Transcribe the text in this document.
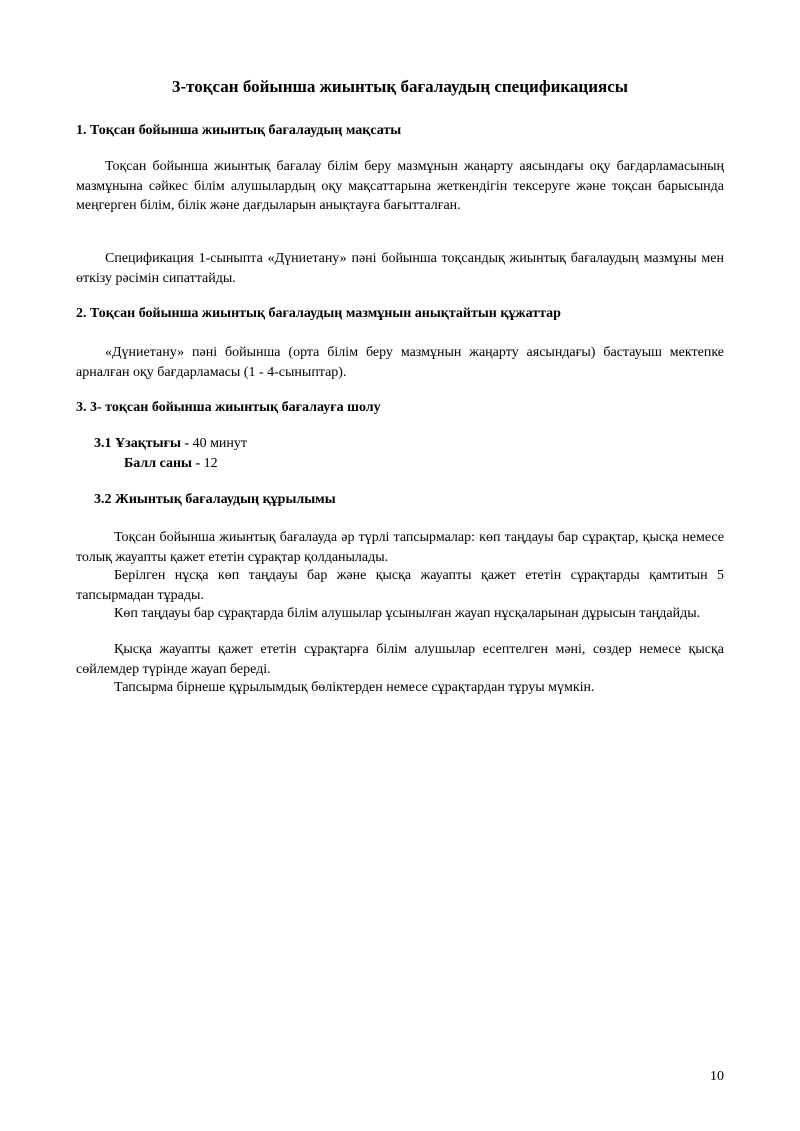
3-тоқсан бойынша жиынтық бағалаудың спецификациясы
1. Тоқсан бойынша жиынтық бағалаудың мақсаты

Тоқсан бойынша жиынтық бағалау білім беру мазмұнын жаңарту аясындағы оқу бағдарламасының мазмұнына сәйкес білім алушылардың оқу мақсаттарына жеткендігін тексеруге және тоқсан барысында меңгерген білім, білік және дағдыларын анықтауға бағытталған.

Спецификация 1-сыныпта «Дүниетану» пәні бойынша тоқсандық жиынтық бағалаудың мазмұны мен өткізу рәсімін сипаттайды.

2. Тоқсан бойынша жиынтық бағалаудың мазмұнын анықтайтын құжаттар

«Дүниетану» пәні бойынша (орта білім беру мазмұнын жаңарту аясындағы) бастауыш мектепке арналған оқу бағдарламасы (1 - 4-сыныптар).

3. 3- тоқсан бойынша жиынтық бағалауға шолу

3.1 Ұзақтығы - 40 минут

Балл саны - 12

3.2 Жиынтық бағалаудың құрылымы

Тоқсан бойынша жиынтық бағалауда әр түрлі тапсырмалар: көп таңдауы бар сұрақтар, қысқа немесе толық жауапты қажет ететін сұрақтар қолданылады.

Берілген нұсқа көп таңдауы бар және қысқа жауапты қажет ететін сұрақтарды қамтитын 5 тапсырмадан тұрады.

Көп таңдауы бар сұрақтарда білім алушылар ұсынылған жауап нұсқаларынан дұрысын таңдайды.

Қысқа жауапты қажет ететін сұрақтарға білім алушылар есептелген мәні, сөздер немесе қысқа сөйлемдер түрінде жауап береді.

Тапсырма бірнеше құрылымдық бөліктерден немесе сұрақтардан тұруы мүмкін.

10
